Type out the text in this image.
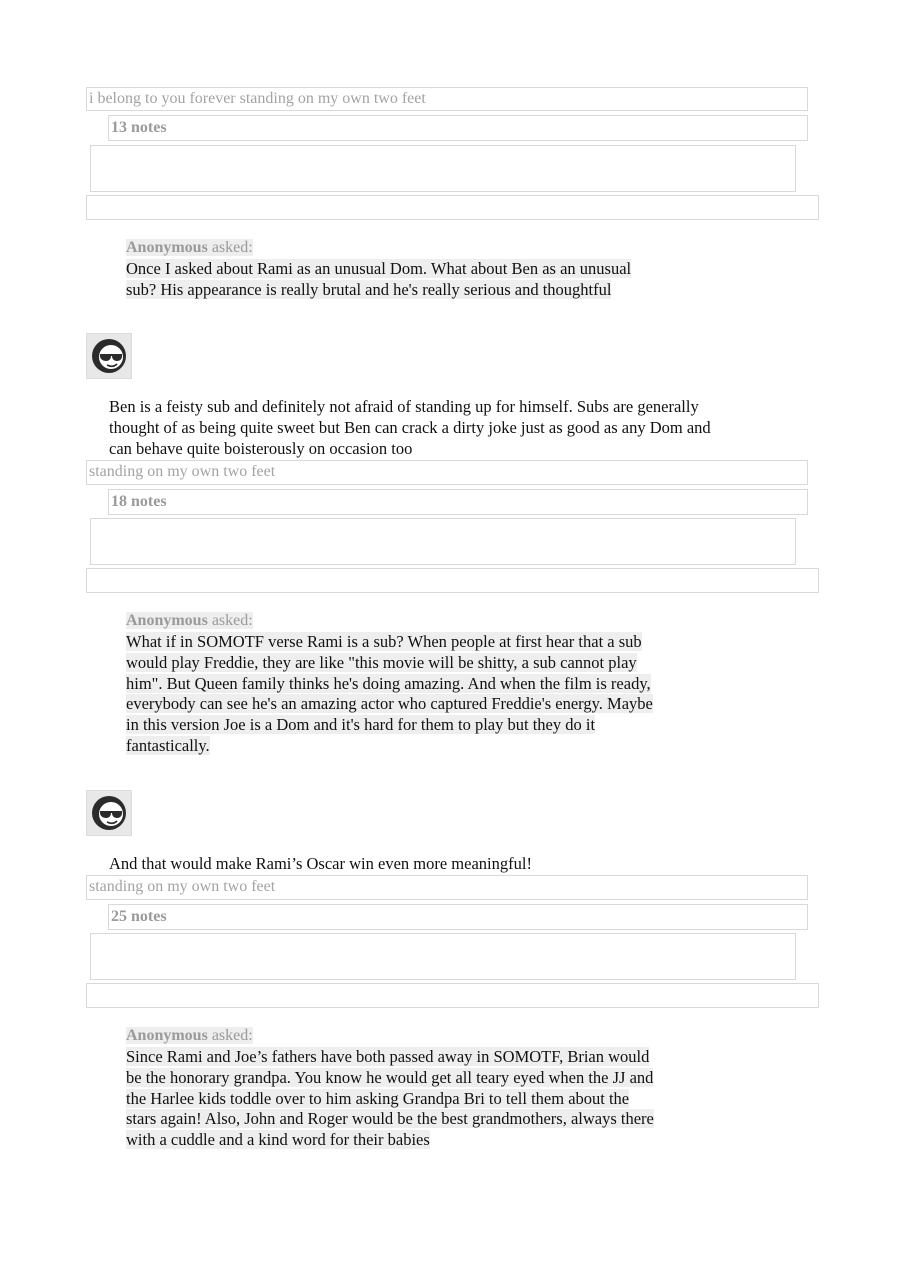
i belong to you forever standing on my own two feet
13 notes
Anonymous asked:
Once I asked about Rami as an unusual Dom. What about Ben as an unusual
sub? His appearance is really brutal and he's really serious and thoughtful
Ben is a feisty sub and definitely not afraid of standing up for himself. Subs are generally
thought of as being quite sweet but Ben can crack a dirty joke just as good as any Dom and
can behave quite boisterously on occasion too
standing on my own two feet
18 notes
Anonymous asked:
What if in SOMOTF verse Rami is a sub? When people at first hear that a sub
would play Freddie, they are like "this movie will be shitty, a sub cannot play
him". But Queen family thinks he's doing amazing. And when the film is ready,
everybody can see he's an amazing actor who captured Freddie's energy. Maybe
in this version Joe is a Dom and it's hard for them to play but they do it
fantastically.
And that would make Rami’s Oscar win even more meaningful!
standing on my own two feet
25 notes
Anonymous asked:
Since Rami and Joe’s fathers have both passed away in SOMOTF, Brian would
be the honorary grandpa. You know he would get all teary eyed when the JJ and
the Harlee kids toddle over to him asking Grandpa Bri to tell them about the
stars again! Also, John and Roger would be the best grandmothers, always there
with a cuddle and a kind word for their babies
